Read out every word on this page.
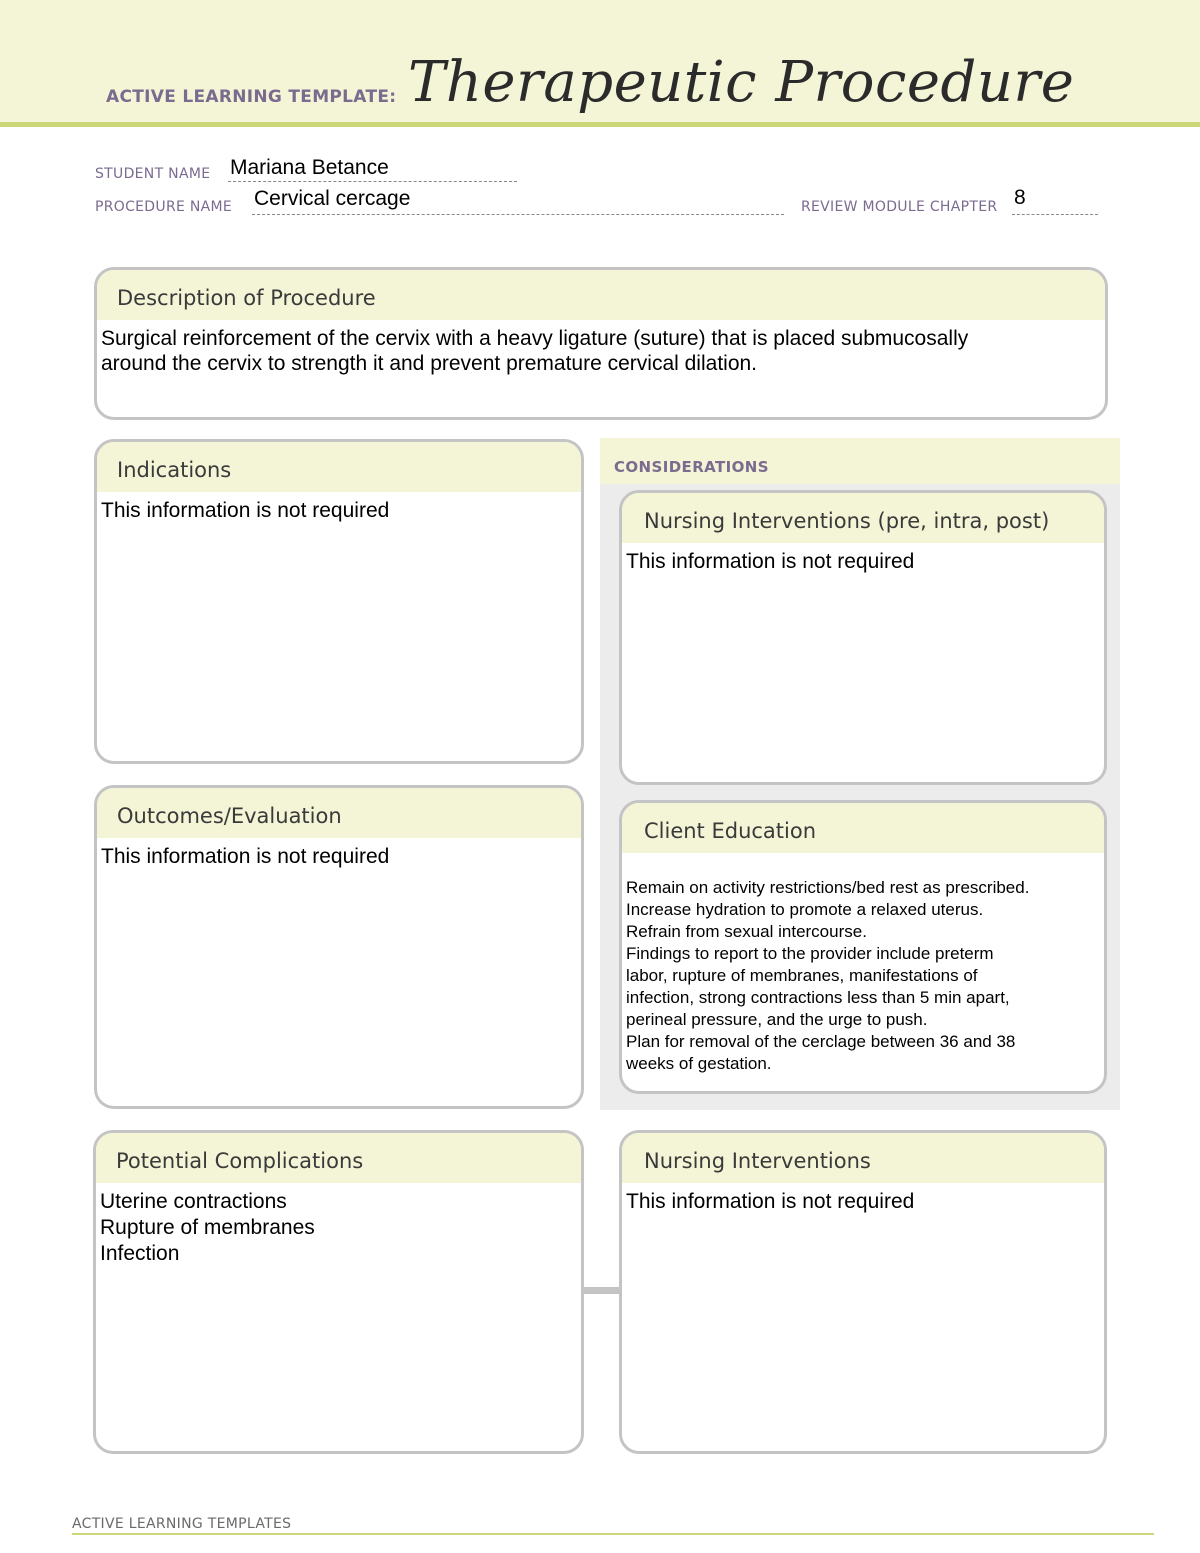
ACTIVE LEARNING TEMPLATE: Therapeutic Procedure
STUDENT NAME Mariana Betance
PROCEDURE NAME Cervical cercage	REVIEW MODULE CHAPTER 8
Description of Procedure
Surgical reinforcement of the cervix with a heavy ligature (suture) that is placed submucosally
around the cervix to strength it and prevent premature cervical dilation.
Indications
This information is not required
CONSIDERATIONS
Nursing Interventions (pre, intra, post)
This information is not required
Client Education
Remain on activity restrictions/bed rest as prescribed.
Increase hydration to promote a relaxed uterus.
Refrain from sexual intercourse.
Findings to report to the provider include preterm
labor, rupture of membranes, manifestations of
infection, strong contractions less than 5 min apart,
perineal pressure, and the urge to push.
Plan for removal of the cerclage between 36 and 38
weeks of gestation.
Outcomes/Evaluation
This information is not required
Potential Complications
Uterine contractions
Rupture of membranes
Infection
Nursing Interventions
This information is not required
ACTIVE LEARNING TEMPLATES
